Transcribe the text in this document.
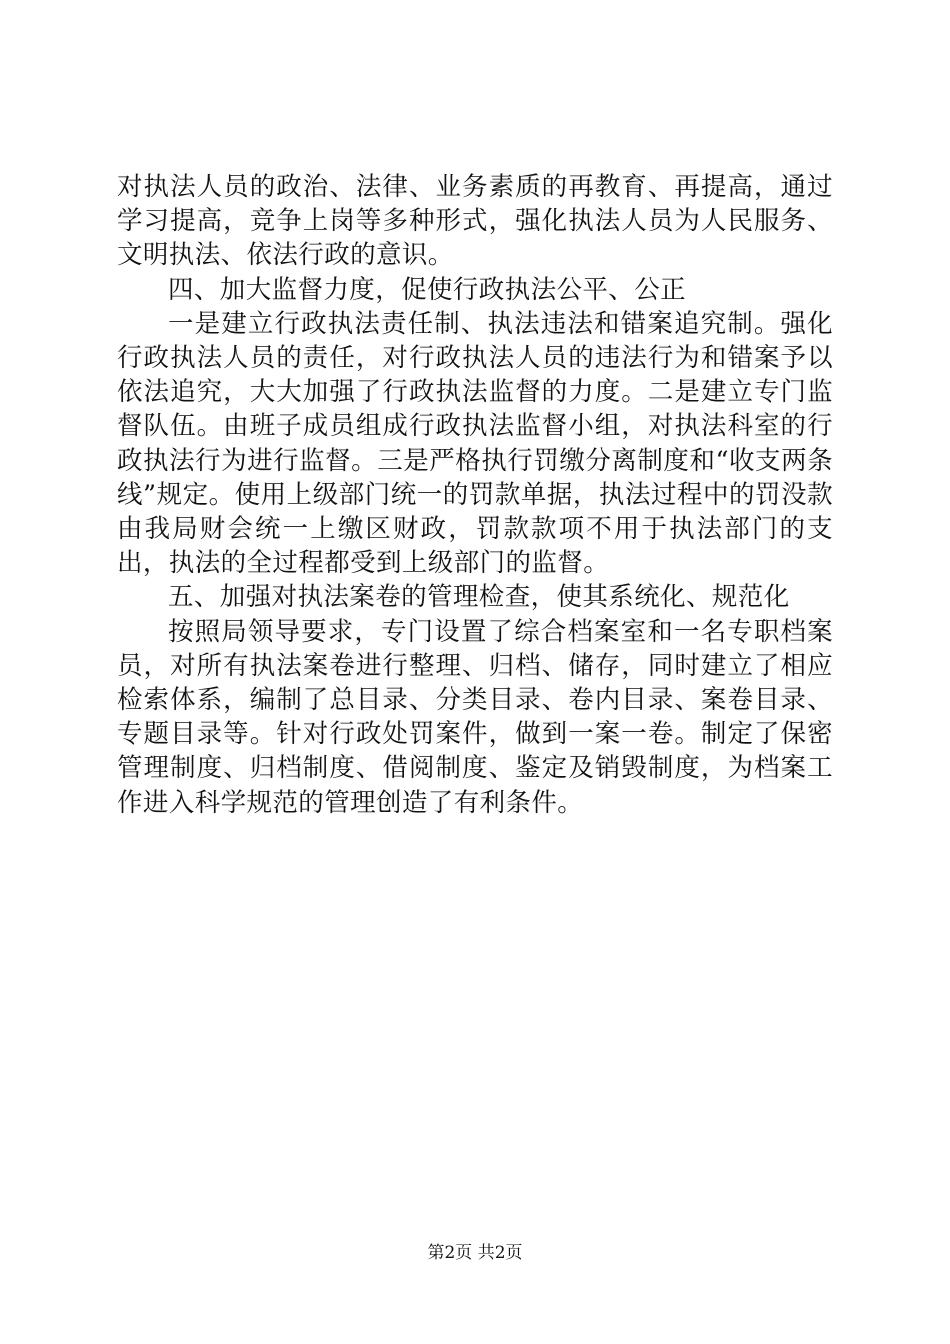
对执法人员的政治、法律、业务素质的再教育、再提高，通过学习提高，竞争上岗等多种形式，强化执法人员为人民服务、文明执法、依法行政的意识。

四、加大监督力度，促使行政执法公平、公正

一是建立行政执法责任制、执法违法和错案追究制。强化行政执法人员的责任，对行政执法人员的违法行为和错案予以依法追究，大大加强了行政执法监督的力度。二是建立专门监督队伍。由班子成员组成行政执法监督小组，对执法科室的行政执法行为进行监督。三是严格执行罚缴分离制度和“收支两条线”规定。使用上级部门统一的罚款单据，执法过程中的罚没款由我局财会统一上缴区财政，罚款款项不用于执法部门的支出，执法的全过程都受到上级部门的监督。

五、加强对执法案卷的管理检查，使其系统化、规范化

按照局领导要求，专门设置了综合档案室和一名专职档案员，对所有执法案卷进行整理、归档、储存，同时建立了相应检索体系，编制了总目录、分类目录、卷内目录、案卷目录、专题目录等。针对行政处罚案件，做到一案一卷。制定了保密管理制度、归档制度、借阅制度、鉴定及销毁制度，为档案工作进入科学规范的管理创造了有利条件。

第2页 共2页
